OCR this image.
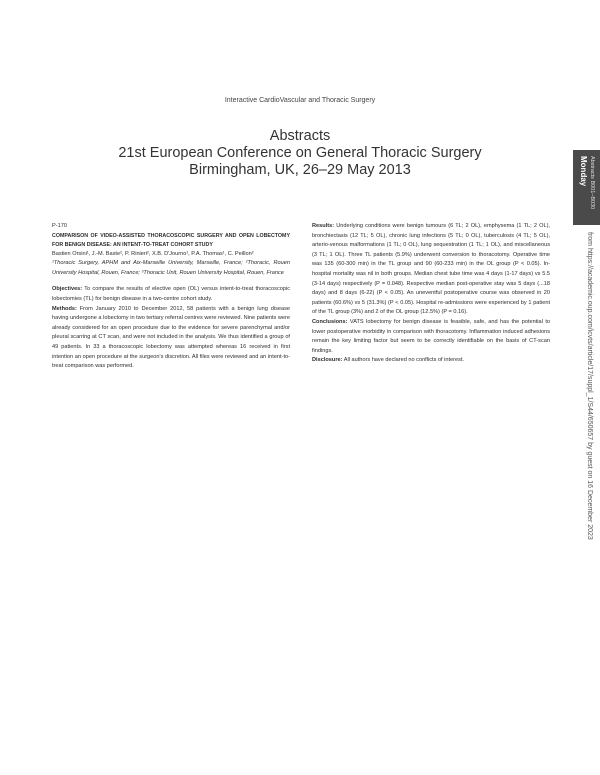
Interactive CardioVascular and Thoracic Surgery
Abstracts
21st European Conference on General Thoracic Surgery
Birmingham, UK, 26–29 May 2013	Monday Abstracts B001–B030
from https://academic.oup.com/icvts/article/17/suppl_1/S44/650657 by guest on 16 December 2023

P-170

COMPARISON OF VIDEO-ASSISTED THORACOSCOPIC SURGERY AND OPEN LOBECTOMY FOR BENIGN DISEASE: AN INTENT-TO-TREAT COHORT STUDY

Bastien Orsini¹, J.-M. Baste², P. Rinieri², X.B. D'Journo¹, P.A. Thomas¹, C. Peillon²

¹Thoracic Surgery, APHM and Aix-Marseille University, Marseille, France; ²Thoracic, Rouen University Hospital, Rouen, France; ³Thoracic Unit, Rouen University Hospital, Rouen, France

Objectives: To compare the results of elective open (OL) versus intent-to-treat thoracoscopic lobectomies (TL) for benign disease in a two-centre cohort study.

Methods: From January 2010 to December 2012, 58 patients with a benign lung disease having undergone a lobectomy in two tertiary referral centres were reviewed. Nine patients were already considered for an open procedure due to the evidence for severe parenchymal and/or pleural scarring at CT scan, and were not included in the analysis. We thus identified a group of 49 patients. In 33 a thoracoscopic lobectomy was attempted whereas 16 received in first intention an open procedure at the surgeon's discretion. All files were reviewed and an intent-to-treat comparison was performed.

Results: Underlying conditions were benign tumours (6 TL; 2 OL), emphysema (1 TL; 2 OL), bronchiectasis (12 TL; 5 OL), chronic lung infections (5 TL; 0 OL), tuberculosis (4 TL; 5 OL), arterio-venous malformations (1 TL; 0 OL), lung sequestration (1 TL; 1 OL), and miscellaneous (3 TL; 1 OL). Three TL patients (5.9%) underwent conversion to thoracotomy. Operative time was 135 (60-300 min) in the TL group and 90 (60-233 min) in the OL group (P < 0.05). In-hospital mortality was nil in both groups. Median chest tube time was 4 days (1-17 days) vs 5.5 (3-14 days) respectively (P = 0.048). Respective median post-operative stay was 5 days (...18 days) and 8 days (6-22) (P < 0.05). An uneventful postoperative course was observed in 20 patients (60.6%) vs 5 (31.3%) (P < 0.05). Hospital re-admissions were experienced by 1 patient of the TL group (3%) and 2 of the OL group (12.5%) (P = 0.16).

Conclusions: VATS lobectomy for benign disease is feasible, safe, and has the potential to lower postoperative morbidity in comparison with thoracotomy. Inflammation induced adhesions remain the key limiting factor but seem to be correctly identifiable on the basis of CT-scan findings.

Disclosure: All authors have declared no conflicts of interest.
